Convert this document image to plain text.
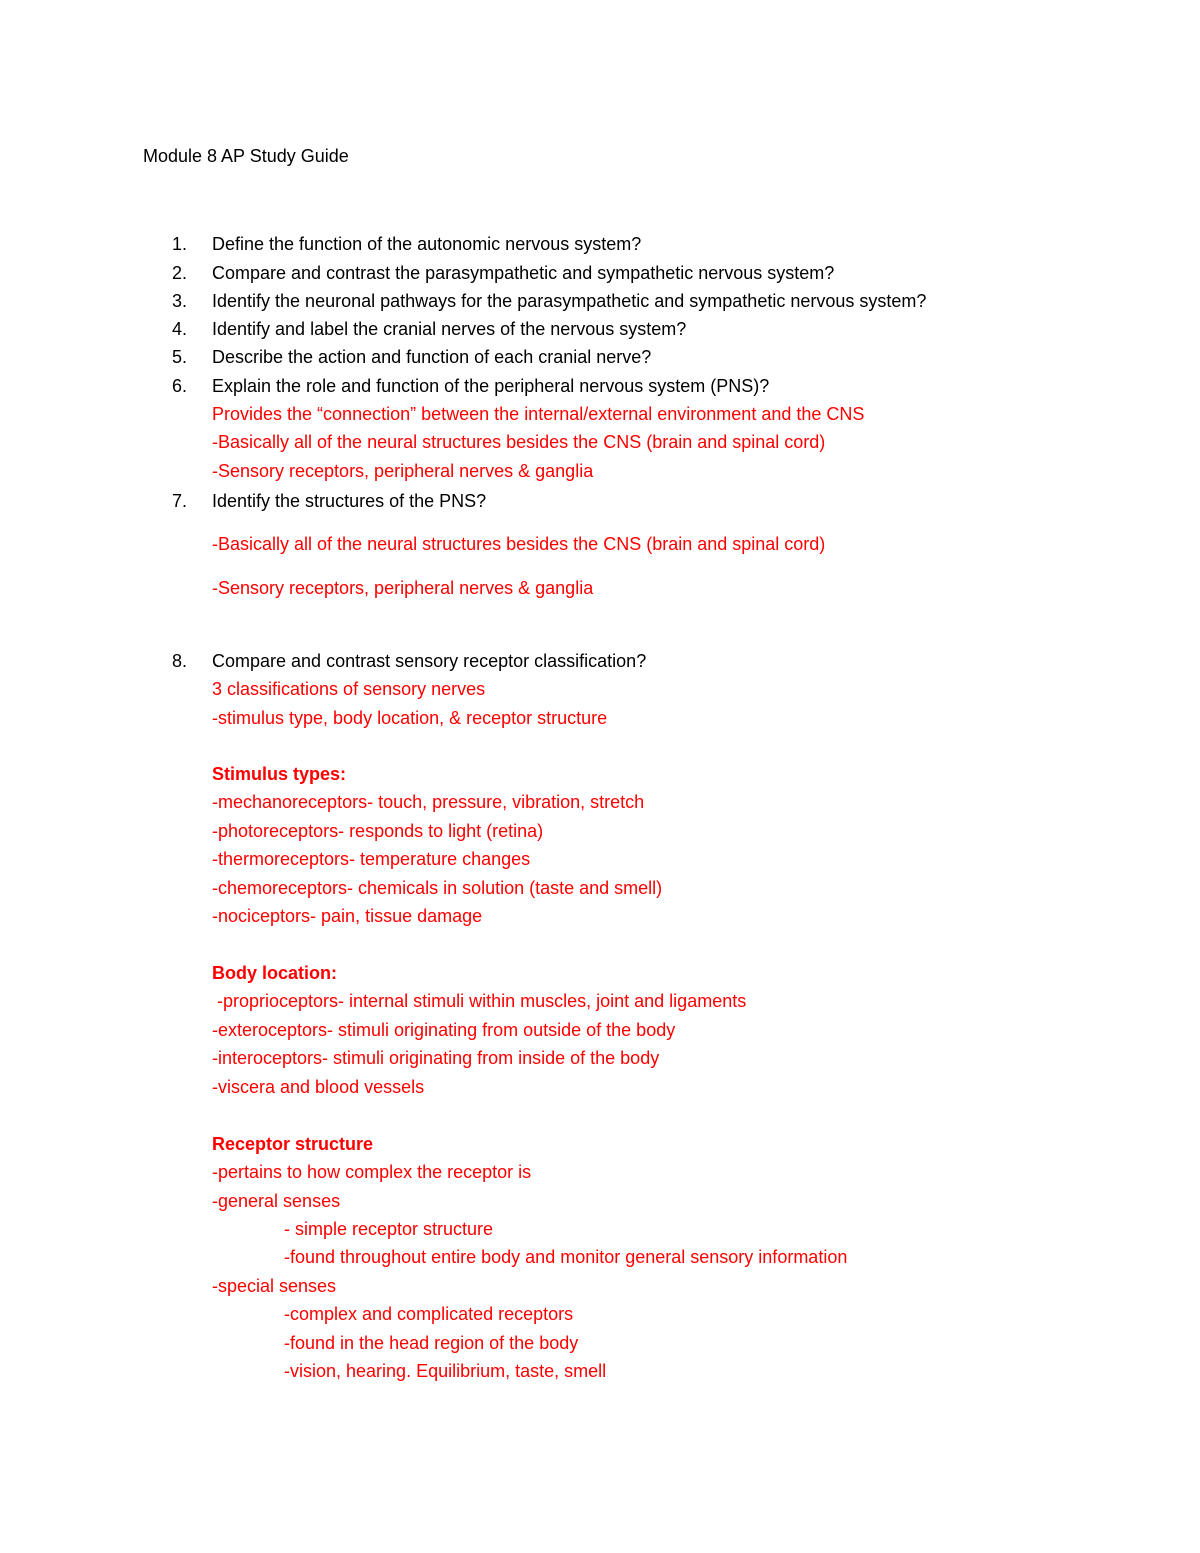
Module 8 AP Study Guide
1. Define the function of the autonomic nervous system?
2. Compare and contrast the parasympathetic and sympathetic nervous system?
3. Identify the neuronal pathways for the parasympathetic and sympathetic nervous system?
4. Identify and label the cranial nerves of the nervous system?
5. Describe the action and function of each cranial nerve?
6. Explain the role and function of the peripheral nervous system (PNS)?
Provides the “connection” between the internal/external environment and the CNS
-Basically all of the neural structures besides the CNS (brain and spinal cord)
-Sensory receptors, peripheral nerves & ganglia
7. Identify the structures of the PNS?
-Basically all of the neural structures besides the CNS (brain and spinal cord)
-Sensory receptors, peripheral nerves & ganglia
8. Compare and contrast sensory receptor classification?
3 classifications of sensory nerves
-stimulus type, body location, & receptor structure
Stimulus types:
-mechanoreceptors- touch, pressure, vibration, stretch
-photoreceptors- responds to light (retina)
-thermoreceptors- temperature changes
-chemoreceptors- chemicals in solution (taste and smell)
-nociceptors- pain, tissue damage
Body location:
-proprioceptors- internal stimuli within muscles, joint and ligaments
-exteroceptors- stimuli originating from outside of the body
-interoceptors- stimuli originating from inside of the body
-viscera and blood vessels
Receptor structure
-pertains to how complex the receptor is
-general senses
- simple receptor structure
-found throughout entire body and monitor general sensory information
-special senses
-complex and complicated receptors
-found in the head region of the body
-vision, hearing. Equilibrium, taste, smell
